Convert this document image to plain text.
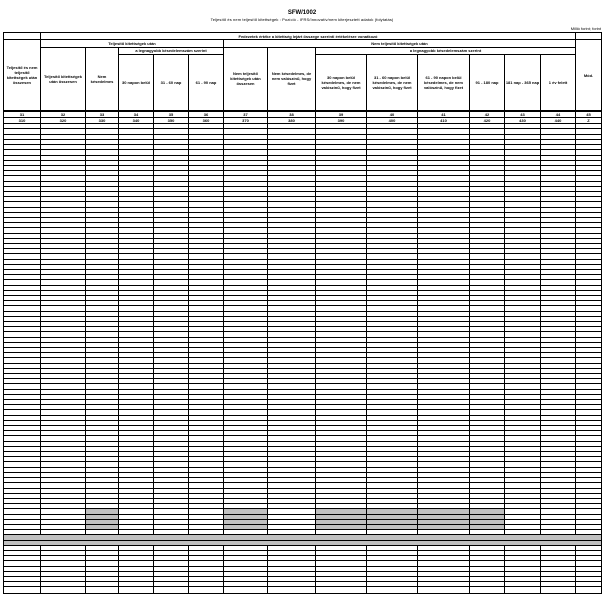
SFW/1002
Teljesítő és nem teljesítő kitettségek : Pozíció - IFRS/Innovatív/nem kiterjesztett adatok (folytatás)
Millió forint; forint
	Fedezetek értéke a kitettség lejárt összege szerinti értékelésre vonatkozó													
Teljesítő és nem teljesítő kitettségek után összesen	Teljesítő kitettségek után					Nem teljesítő kitettségek után								Mód.
	Teljesítő kitettségek után összesen	Nem késedelmes	a legnagyobb késedelemszám szerint			Nem teljesítő kitettségek után összesen	Nem késedelmes, de nem valószínű, hogy fizet	a legnagyobb késedelemszám szerint						
			30 napon belül	31 - 60 nap	61 - 90 nap			30 napon belül késedelmes, de nem valószínű, hogy fizet	31 - 60 napon belül késedelmes, de nem valószínű, hogy fizet	61 - 90 napon belül késedelmes, de nem valószínű, hogy fizet	91 - 180 nap	181 nap - 365 nap	1 év felett	
31	32	33	34	35	36	37	38	39	40	41	42	43	44	45
310	320	330	340	350	360	370	380	390	400	410	420	430	440	Z
